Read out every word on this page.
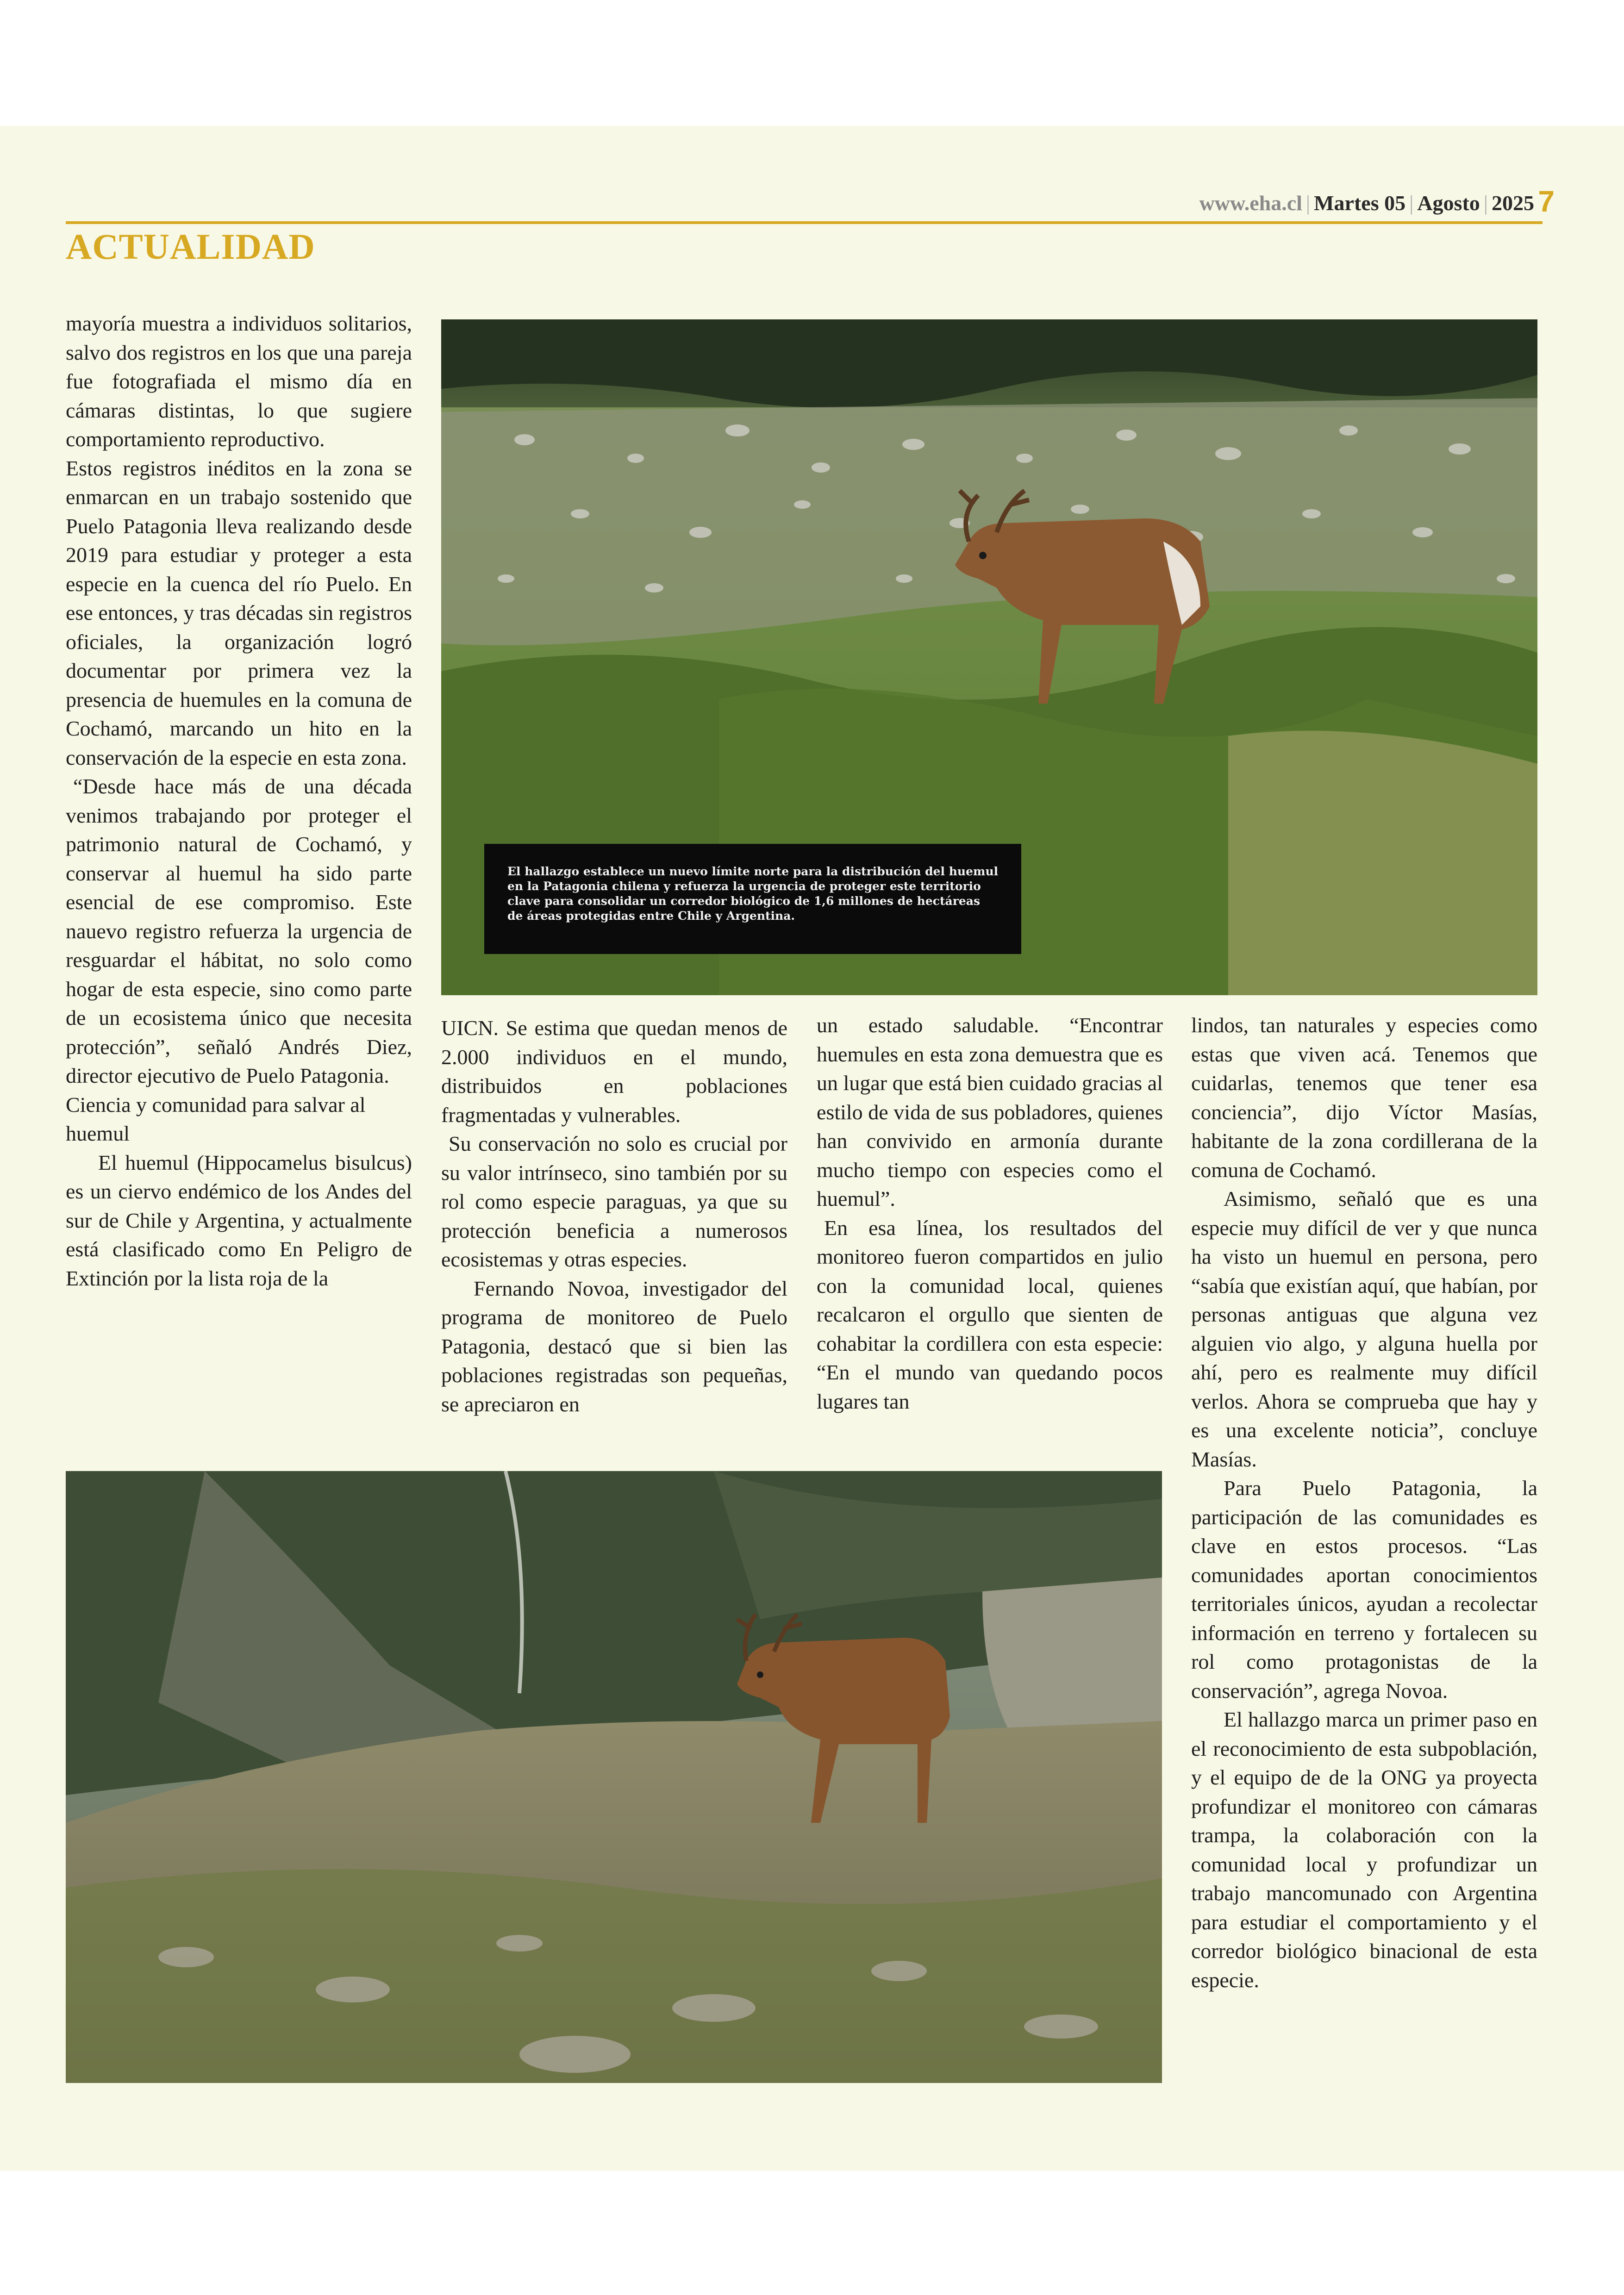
www.eha.cl | Martes 05 | Agosto | 2025 7
ACTUALIDAD

mayoría muestra a individuos solitarios, salvo dos registros en los que una pareja fue fotografiada el mismo día en cámaras distintas, lo que sugiere comportamiento reproductivo.

Estos registros inéditos en la zona se enmarcan en un trabajo sostenido que Puelo Patagonia lleva realizando desde 2019 para estudiar y proteger a esta especie en la cuenca del río Puelo. En ese entonces, y tras décadas sin registros oficiales, la organización logró documentar por primera vez la presencia de huemules en la comuna de Cochamó, marcando un hito en la conservación de la especie en esta zona.

“Desde hace más de una década venimos trabajando por proteger el patrimonio natural de Cochamó, y conservar al huemul ha sido parte esencial de ese compromiso. Este nauevo registro refuerza la urgencia de resguardar el hábitat, no solo como hogar de esta especie, sino como parte de un ecosistema único que necesita protección”, señaló Andrés Diez, director ejecutivo de Puelo Patagonia.

Ciencia y comunidad para salvar al huemul

El huemul (Hippocamelus bisulcus) es un ciervo endémico de los Andes del sur de Chile y Argentina, y actualmente está clasificado como En Peligro de Extinción por la lista roja de la

El hallazgo establece un nuevo límite norte para la distribución del huemul en la Patagonia chilena y refuerza la urgencia de proteger este territorio clave para consolidar un corredor biológico de 1,6 millones de hectáreas de áreas protegidas entre Chile y Argentina.

UICN. Se estima que quedan menos de 2.000 individuos en el mundo, distribuidos en poblaciones fragmentadas y vulnerables.

Su conservación no solo es crucial por su valor intrínseco, sino también por su rol como especie paraguas, ya que su protección beneficia a numerosos ecosistemas y otras especies.

Fernando Novoa, investigador del programa de monitoreo de Puelo Patagonia, destacó que si bien las poblaciones registradas son pequeñas, se apreciaron en

un estado saludable. “Encontrar huemules en esta zona demuestra que es un lugar que está bien cuidado gracias al estilo de vida de sus pobladores, quienes han convivido en armonía durante mucho tiempo con especies como el huemul”.

En esa línea, los resultados del monitoreo fueron compartidos en julio con la comunidad local, quienes recalcaron el orgullo que sienten de cohabitar la cordillera con esta especie: “En el mundo van quedando pocos lugares tan

lindos, tan naturales y especies como estas que viven acá. Tenemos que cuidarlas, tenemos que tener esa conciencia”, dijo Víctor Masías, habitante de la zona cordillerana de la comuna de Cochamó.

Asimismo, señaló que es una especie muy difícil de ver y que nunca ha visto un huemul en persona, pero “sabía que existían aquí, que habían, por personas antiguas que alguna vez alguien vio algo, y alguna huella por ahí, pero es realmente muy difícil verlos. Ahora se comprueba que hay y es una excelente noticia”, concluye Masías.

Para Puelo Patagonia, la participación de las comunidades es clave en estos procesos. “Las comunidades aportan conocimientos territoriales únicos, ayudan a recolectar información en terreno y fortalecen su rol como protagonistas de la conservación”, agrega Novoa.

El hallazgo marca un primer paso en el reconocimiento de esta subpoblación, y el equipo de de la ONG ya proyecta profundizar el monitoreo con cámaras trampa, la colaboración con la comunidad local y profundizar un trabajo mancomunado con Argentina para estudiar el comportamiento y el corredor biológico binacional de esta especie.
